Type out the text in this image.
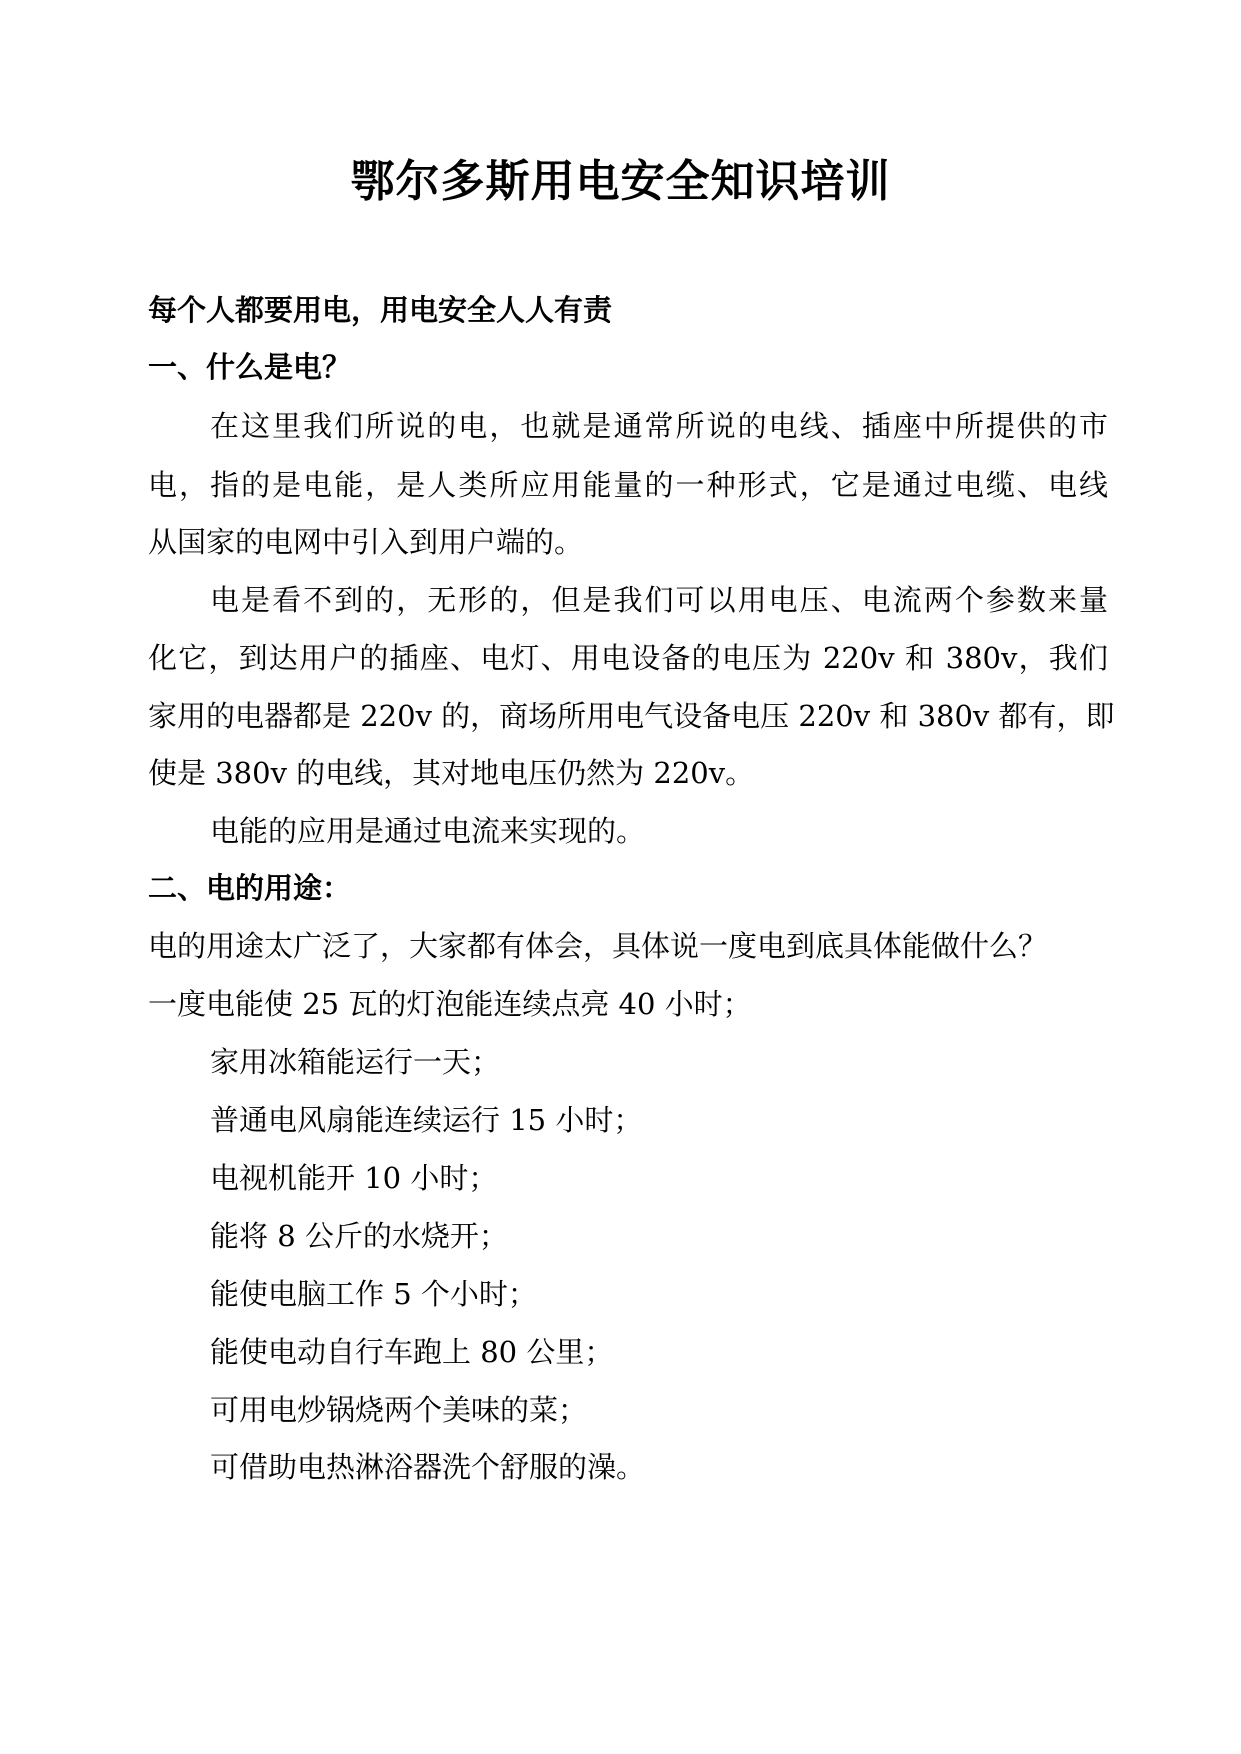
鄂尔多斯用电安全知识培训
每个人都要用电，用电安全人人有责
一、什么是电？
在这里我们所说的电，也就是通常所说的电线、插座中所提供的市
电，指的是电能，是人类所应用能量的一种形式，它是通过电缆、电线
从国家的电网中引入到用户端的。
电是看不到的，无形的，但是我们可以用电压、电流两个参数来量
化它，到达用户的插座、电灯、用电设备的电压为 220v 和 380v，我们
家用的电器都是 220v 的，商场所用电气设备电压 220v 和 380v 都有，即
使是 380v 的电线，其对地电压仍然为 220v。
电能的应用是通过电流来实现的。
二、电的用途：
电的用途太广泛了，大家都有体会，具体说一度电到底具体能做什么？
一度电能使 25 瓦的灯泡能连续点亮 40 小时；
家用冰箱能运行一天；
普通电风扇能连续运行 15 小时；
电视机能开 10 小时；
能将 8 公斤的水烧开；
能使电脑工作 5 个小时；
能使电动自行车跑上 80 公里；
可用电炒锅烧两个美味的菜；
可借助电热淋浴器洗个舒服的澡。
